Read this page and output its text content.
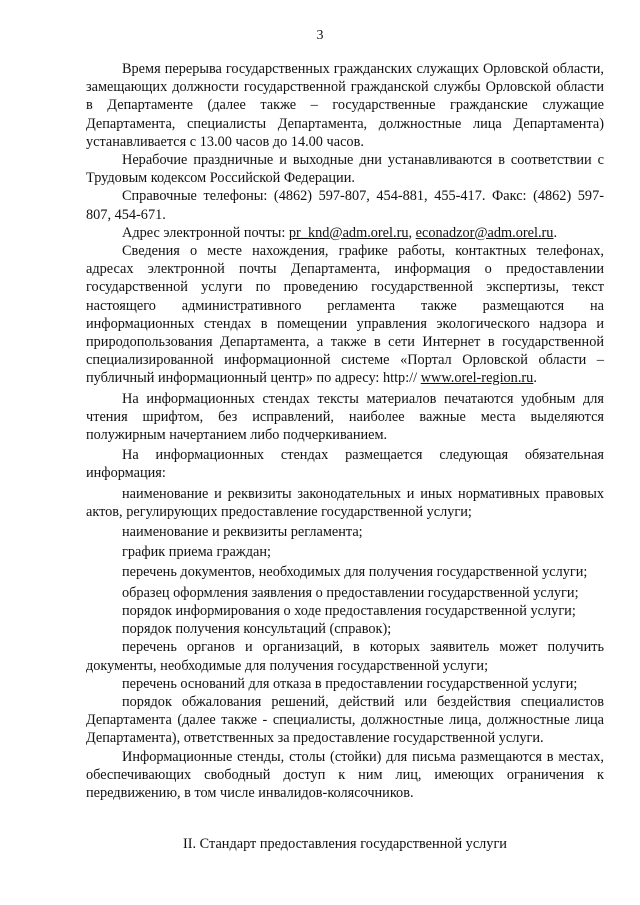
3

Время перерыва государственных гражданских служащих Орловской области, замещающих должности государственной гражданской службы Орловской области в Департаменте (далее также – государственные гражданские служащие Департамента, специалисты Департамента, должностные лица Департамента) устанавливается с 13.00 часов до 14.00 часов.

Нерабочие праздничные и выходные дни устанавливаются в соответствии с Трудовым кодексом Российской Федерации.

Справочные телефоны: (4862) 597-807, 454-881, 455-417. Факс: (4862) 597-807, 454-671.

Адрес электронной почты: pr_knd@adm.orel.ru, econadzor@adm.orel.ru.

Сведения о месте нахождения, графике работы, контактных телефонах, адресах электронной почты Департамента, информация о предоставлении государственной услуги по проведению государственной экспертизы, текст настоящего административного регламента также размещаются на информационных стендах в помещении управления экологического надзора и природопользования Департамента, а также в сети Интернет в государственной специализированной информационной системе «Портал Орловской области – публичный информационный центр» по адресу: http:// www.orel-region.ru.

На информационных стендах тексты материалов печатаются удобным для чтения шрифтом, без исправлений, наиболее важные места выделяются полужирным начертанием либо подчеркиванием.

На информационных стендах размещается следующая обязательная информация:

наименование и реквизиты законодательных и иных нормативных правовых актов, регулирующих предоставление государственной услуги;

наименование и реквизиты регламента;

график приема граждан;

перечень документов, необходимых для получения государственной услуги;

образец оформления заявления о предоставлении государственной услуги;

порядок информирования о ходе предоставления государственной услуги;

порядок получения консультаций (справок);

перечень органов и организаций, в которых заявитель может получить документы, необходимые для получения государственной услуги;

перечень оснований для отказа в предоставлении государственной услуги;

порядок обжалования решений, действий или бездействия специалистов Департамента (далее также - специалисты, должностные лица, должностные лица Департамента), ответственных за предоставление государственной услуги.

Информационные стенды, столы (стойки) для письма размещаются в местах, обеспечивающих свободный доступ к ним лиц, имеющих ограничения к передвижению, в том числе инвалидов-колясочников.

II. Стандарт предоставления государственной услуги
